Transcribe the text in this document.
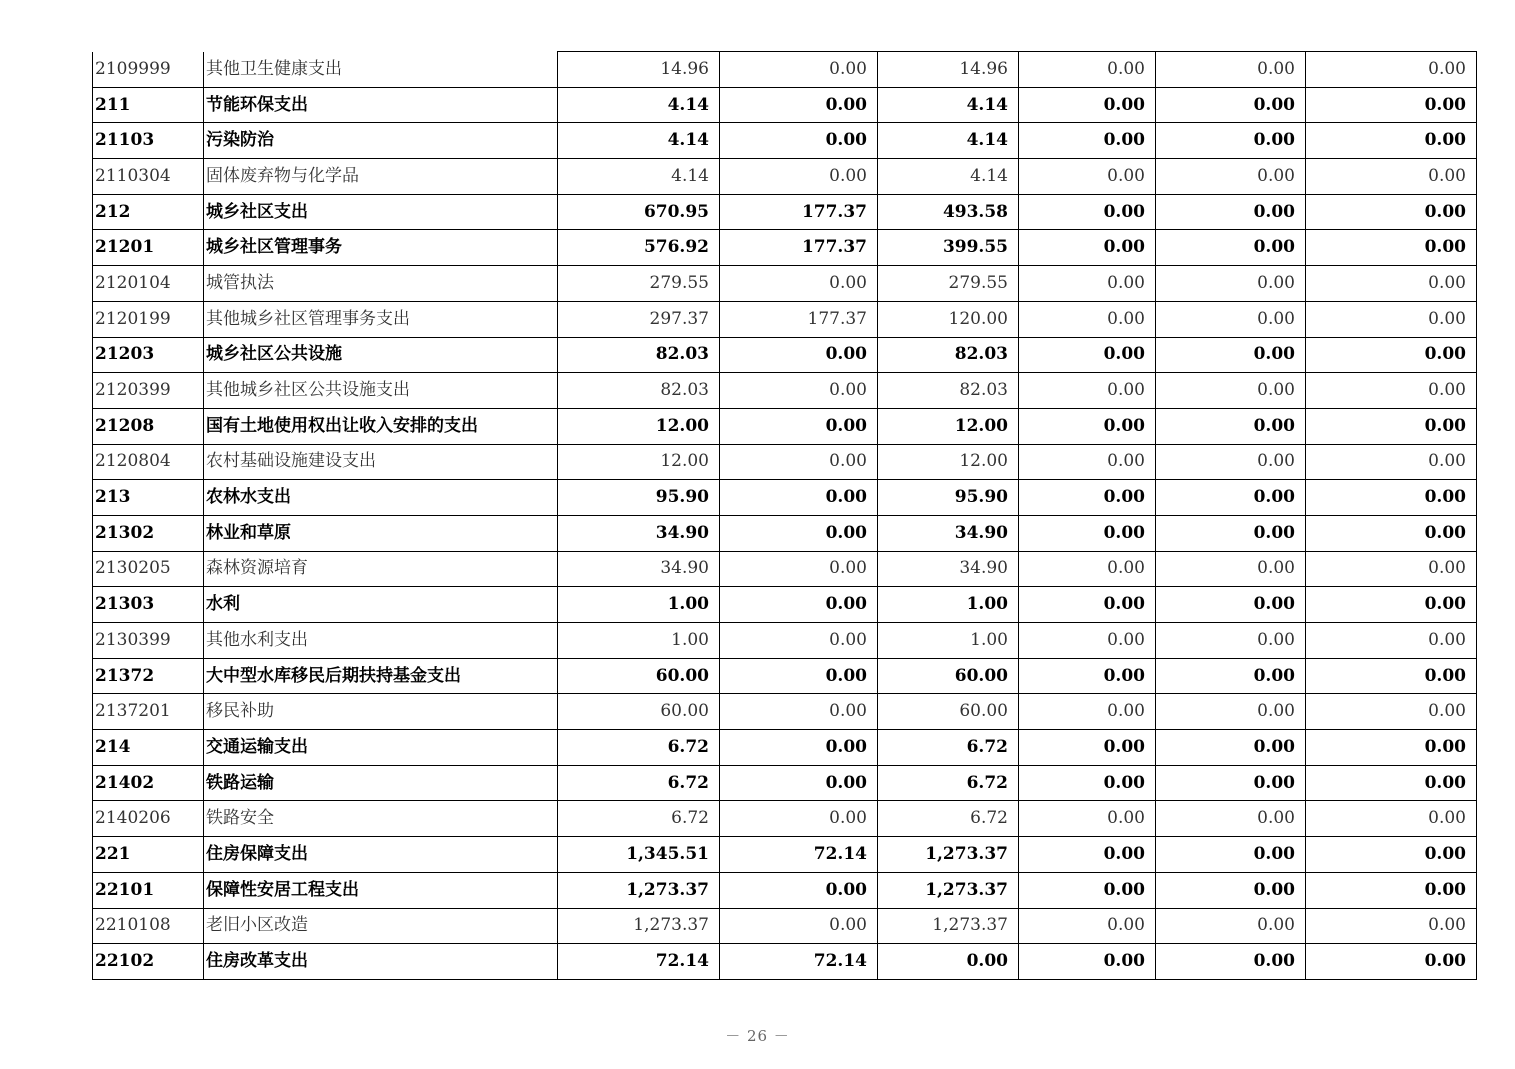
2109999	其他卫生健康支出	14.96	0.00	14.96	0.00	0.00	0.00
211	节能环保支出	4.14	0.00	4.14	0.00	0.00	0.00
21103	污染防治	4.14	0.00	4.14	0.00	0.00	0.00
2110304	固体废弃物与化学品	4.14	0.00	4.14	0.00	0.00	0.00
212	城乡社区支出	670.95	177.37	493.58	0.00	0.00	0.00
21201	城乡社区管理事务	576.92	177.37	399.55	0.00	0.00	0.00
2120104	城管执法	279.55	0.00	279.55	0.00	0.00	0.00
2120199	其他城乡社区管理事务支出	297.37	177.37	120.00	0.00	0.00	0.00
21203	城乡社区公共设施	82.03	0.00	82.03	0.00	0.00	0.00
2120399	其他城乡社区公共设施支出	82.03	0.00	82.03	0.00	0.00	0.00
21208	国有土地使用权出让收入安排的支出	12.00	0.00	12.00	0.00	0.00	0.00
2120804	农村基础设施建设支出	12.00	0.00	12.00	0.00	0.00	0.00
213	农林水支出	95.90	0.00	95.90	0.00	0.00	0.00
21302	林业和草原	34.90	0.00	34.90	0.00	0.00	0.00
2130205	森林资源培育	34.90	0.00	34.90	0.00	0.00	0.00
21303	水利	1.00	0.00	1.00	0.00	0.00	0.00
2130399	其他水利支出	1.00	0.00	1.00	0.00	0.00	0.00
21372	大中型水库移民后期扶持基金支出	60.00	0.00	60.00	0.00	0.00	0.00
2137201	移民补助	60.00	0.00	60.00	0.00	0.00	0.00
214	交通运输支出	6.72	0.00	6.72	0.00	0.00	0.00
21402	铁路运输	6.72	0.00	6.72	0.00	0.00	0.00
2140206	铁路安全	6.72	0.00	6.72	0.00	0.00	0.00
221	住房保障支出	1,345.51	72.14	1,273.37	0.00	0.00	0.00
22101	保障性安居工程支出	1,273.37	0.00	1,273.37	0.00	0.00	0.00
2210108	老旧小区改造	1,273.37	0.00	1,273.37	0.00	0.00	0.00
22102	住房改革支出	72.14	72.14	0.00	0.00	0.00	0.00
－ 26 －
